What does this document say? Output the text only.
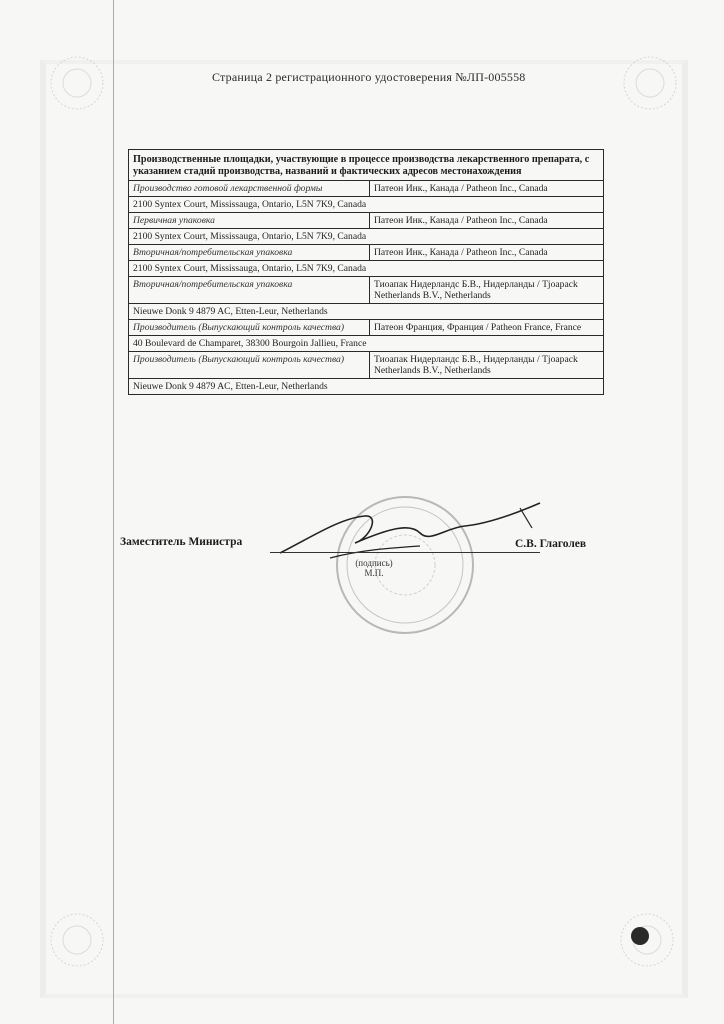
Страница 2 регистрационного удостоверения №ЛП-005558
Производственные площадки, участвующие в процессе производства лекарственного препарата, с указанием стадий производства, названий и фактических адресов местонахождения	
Производство готовой лекарственной формы	Патеон Инк., Канада / Patheon Inc., Canada
2100 Syntex Court, Mississauga, Ontario, L5N 7K9, Canada	
Первичная упаковка	Патеон Инк., Канада / Patheon Inc., Canada
2100 Syntex Court, Mississauga, Ontario, L5N 7K9, Canada	
Вторичная/потребительская упаковка	Патеон Инк., Канада / Patheon Inc., Canada
2100 Syntex Court, Mississauga, Ontario, L5N 7K9, Canada	
Вторичная/потребительская упаковка	Тиоапак Нидерландс Б.В., Нидерланды / Tjoapack Netherlands B.V., Netherlands
Nieuwe Donk 9 4879 AC, Etten-Leur, Netherlands	
Производитель (Выпускающий контроль качества)	Патеон Франция, Франция / Patheon France, France
40 Boulevard de Champaret, 38300 Bourgoin Jallieu, France	
Производитель (Выпускающий контроль качества)	Тиоапак Нидерландс Б.В., Нидерланды / Tjoapack Netherlands B.V., Netherlands
Nieuwe Donk 9 4879 AC, Etten-Leur, Netherlands	
Заместитель Министра
(подпись)
М.П.
С.В. Глаголев
